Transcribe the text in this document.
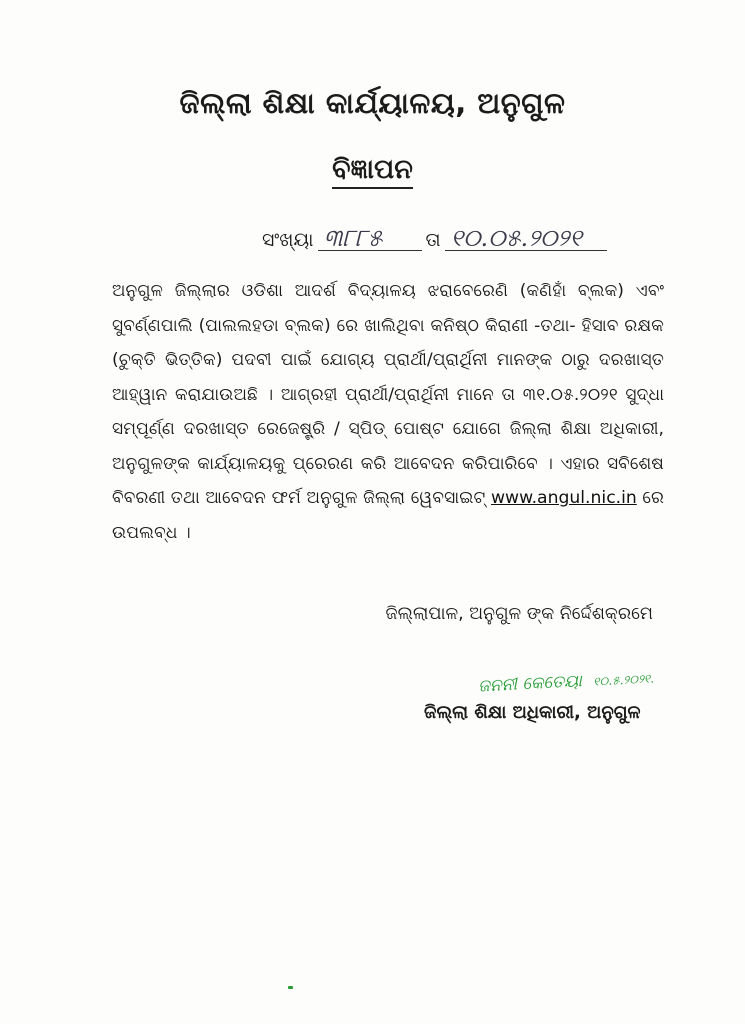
ଜିଲ୍ଲା ଶିକ୍ଷା କାର୍ଯ୍ୟାଳୟ, ଅନୁଗୁଳ
ବିଜ୍ଞାପନ
ସଂଖ୍ୟା ୩୮୮୫	ତା ୧୦.୦୫.୨୦୨୧
ଅନୁଗୁଳ ଜିଲ୍ଲାର ଓଡିଶା ଆଦର୍ଶ ବିଦ୍ୟାଳୟ ଝରାବେରେଣି (କଣିହାଁ ବ୍ଲକ) ଏବଂ ସୁବର୍ଣ୍ଣପାଲି (ପାଲଲହଡା ବ୍ଲକ) ରେ ଖାଲିଥିବା କନିଷ୍ଠ କିରାଣୀ -ତଥା- ହିସାବ ରକ୍ଷକ (ଚୁକ୍ତି ଭିତ୍ତିକ) ପଦବୀ ପାଇଁ ଯୋଗ୍ୟ ପ୍ରାର୍ଥୀ/ପ୍ରାର୍ଥିନୀ ମାନଙ୍କ ଠାରୁ ଦରଖାସ୍ତ ଆହ୍ୱାନ କରାଯାଉଅଛି । ଆଗ୍ରହୀ ପ୍ରାର୍ଥୀ/ପ୍ରାର୍ଥିନୀ ମାନେ ତା ୩୧.୦୫.୨୦୨୧ ସୁଦ୍ଧା ସମ୍ପୂର୍ଣ୍ଣ ଦରଖାସ୍ତ ରେଜେଷ୍ଟ୍ରି / ସ୍ପିଡ୍ ପୋଷ୍ଟ ଯୋଗେ ଜିଲ୍ଲା ଶିକ୍ଷା ଅଧିକାରୀ, ଅନୁଗୁଳଙ୍କ କାର୍ଯ୍ୟାଳୟକୁ ପ୍ରେରଣ କରି ଆବେଦନ କରିପାରିବେ । ଏହାର ସବିଶେଷ ବିବରଣୀ ତଥା ଆବେଦନ ଫର୍ମ ଅନୁଗୁଳ ଜିଲ୍ଲା ୱେବସାଇଟ୍ www.angul.nic.in ରେ ଉପଲବ୍ଧ ।
ଜିଲ୍ଲାପାଳ, ଅନୁଗୁଳ ଙ୍କ ନିର୍ଦ୍ଦେଶକ୍ରମେ
ଜନନୀ କେତେୟା ୧୦.୫.୨୦୨୧.
ଜିଲ୍ଲା ଶିକ୍ଷା ଅଧିକାରୀ, ଅନୁଗୁଳ
